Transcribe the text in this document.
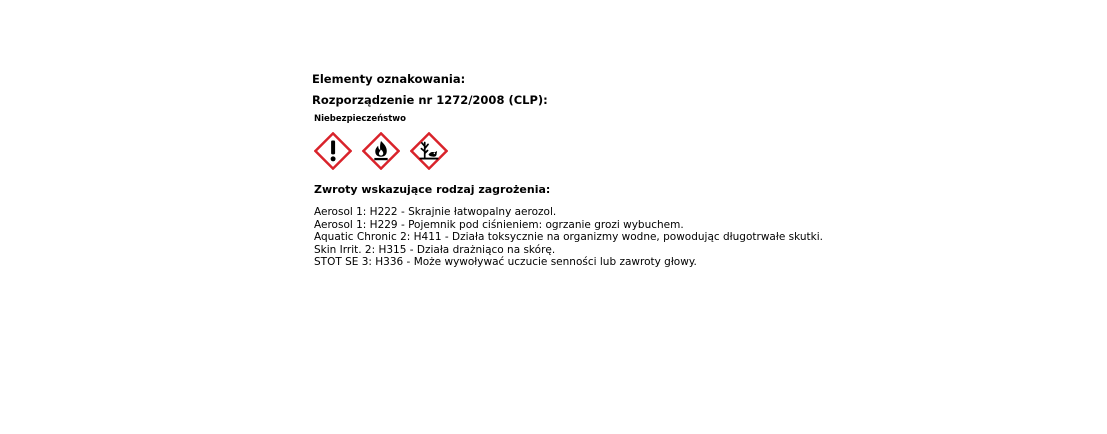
Elementy oznakowania:

Rozporządzenie nr 1272/2008 (CLP):

Niebezpieczeństwo

Zwroty wskazujące rodzaj zagrożenia:

Aerosol 1: H222 - Skrajnie łatwopalny aerozol.
Aerosol 1: H229 - Pojemnik pod ciśnieniem: ogrzanie grozi wybuchem.
Aquatic Chronic 2: H411 - Działa toksycznie na organizmy wodne, powodując długotrwałe skutki.
Skin Irrit. 2: H315 - Działa drażniąco na skórę.
STOT SE 3: H336 - Może wywoływać uczucie senności lub zawroty głowy.
